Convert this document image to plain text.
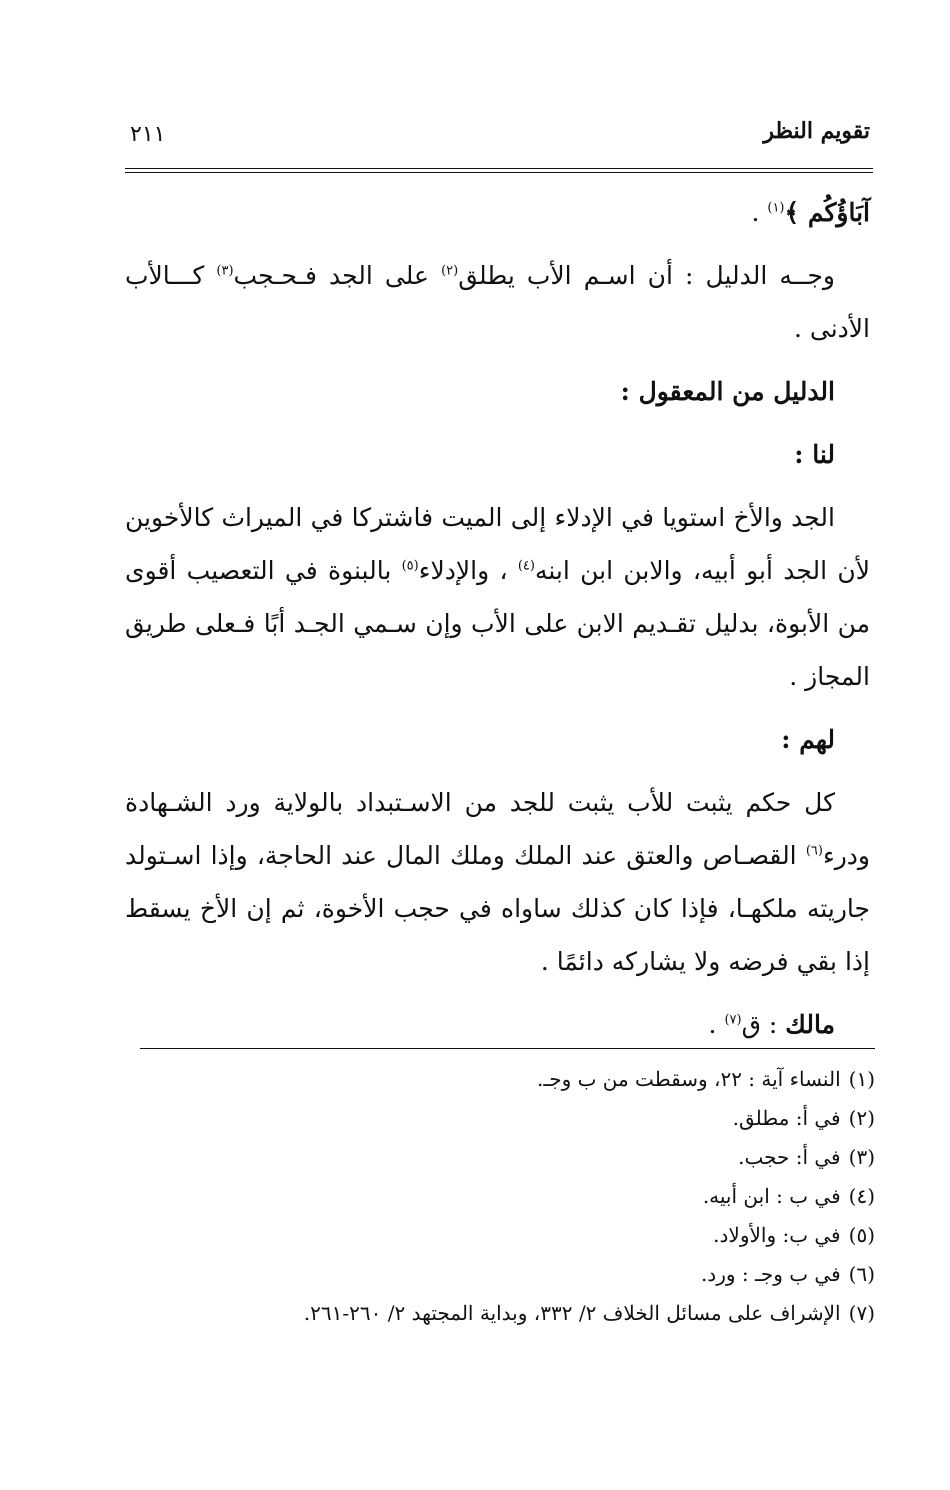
تقويم النظر
٢١١

آبَاؤُكُم ﴾$^{(١)}$ .

وجــه الدليل : أن اسـم الأب يطلق$^{(٢)}$ على الجد فـحـجب$^{(٣)}$ كـــالأب الأدنى .

الدليل من المعقول :

لنا :

الجد والأخ استويا في الإدلاء إلى الميت فاشتركا في الميراث كالأخوين لأن الجد أبو أبيه، والابن ابن ابنه$^{(٤)}$ ، والإدلاء$^{(٥)}$ بالبنوة في التعصيب أقوى من الأبوة، بدليل تقـديم الابن على الأب وإن سـمي الجـد أبًا فـعلى طريق المجاز .

لهم :

كل حكم يثبت للأب يثبت للجد من الاسـتبداد بالولاية ورد الشـهادة ودرء$^{(٦)}$ القصـاص والعتق عند الملك وملك المال عند الحاجة، وإذا اسـتولد جاريته ملكهـا، فإذا كان كذلك ساواه في حجب الأخوة، ثم إن الأخ يسقط إذا بقي فرضه ولا يشاركه دائمًا .

مالك : ق$^{(٧)}$ .

(١)النساء آية : ٢٢، وسقطت من ب وجـ.
(٢)في أ: مطلق.
(٣)في أ: حجب.
(٤)في ب : ابن أبيه.
(٥)في ب: والأولاد.
(٦)في ب وجـ : ورد.
(٧)الإشراف على مسائل الخلاف ٢/ ٣٣٢، وبداية المجتهد ٢/ ٢٦٠-٢٦١.
